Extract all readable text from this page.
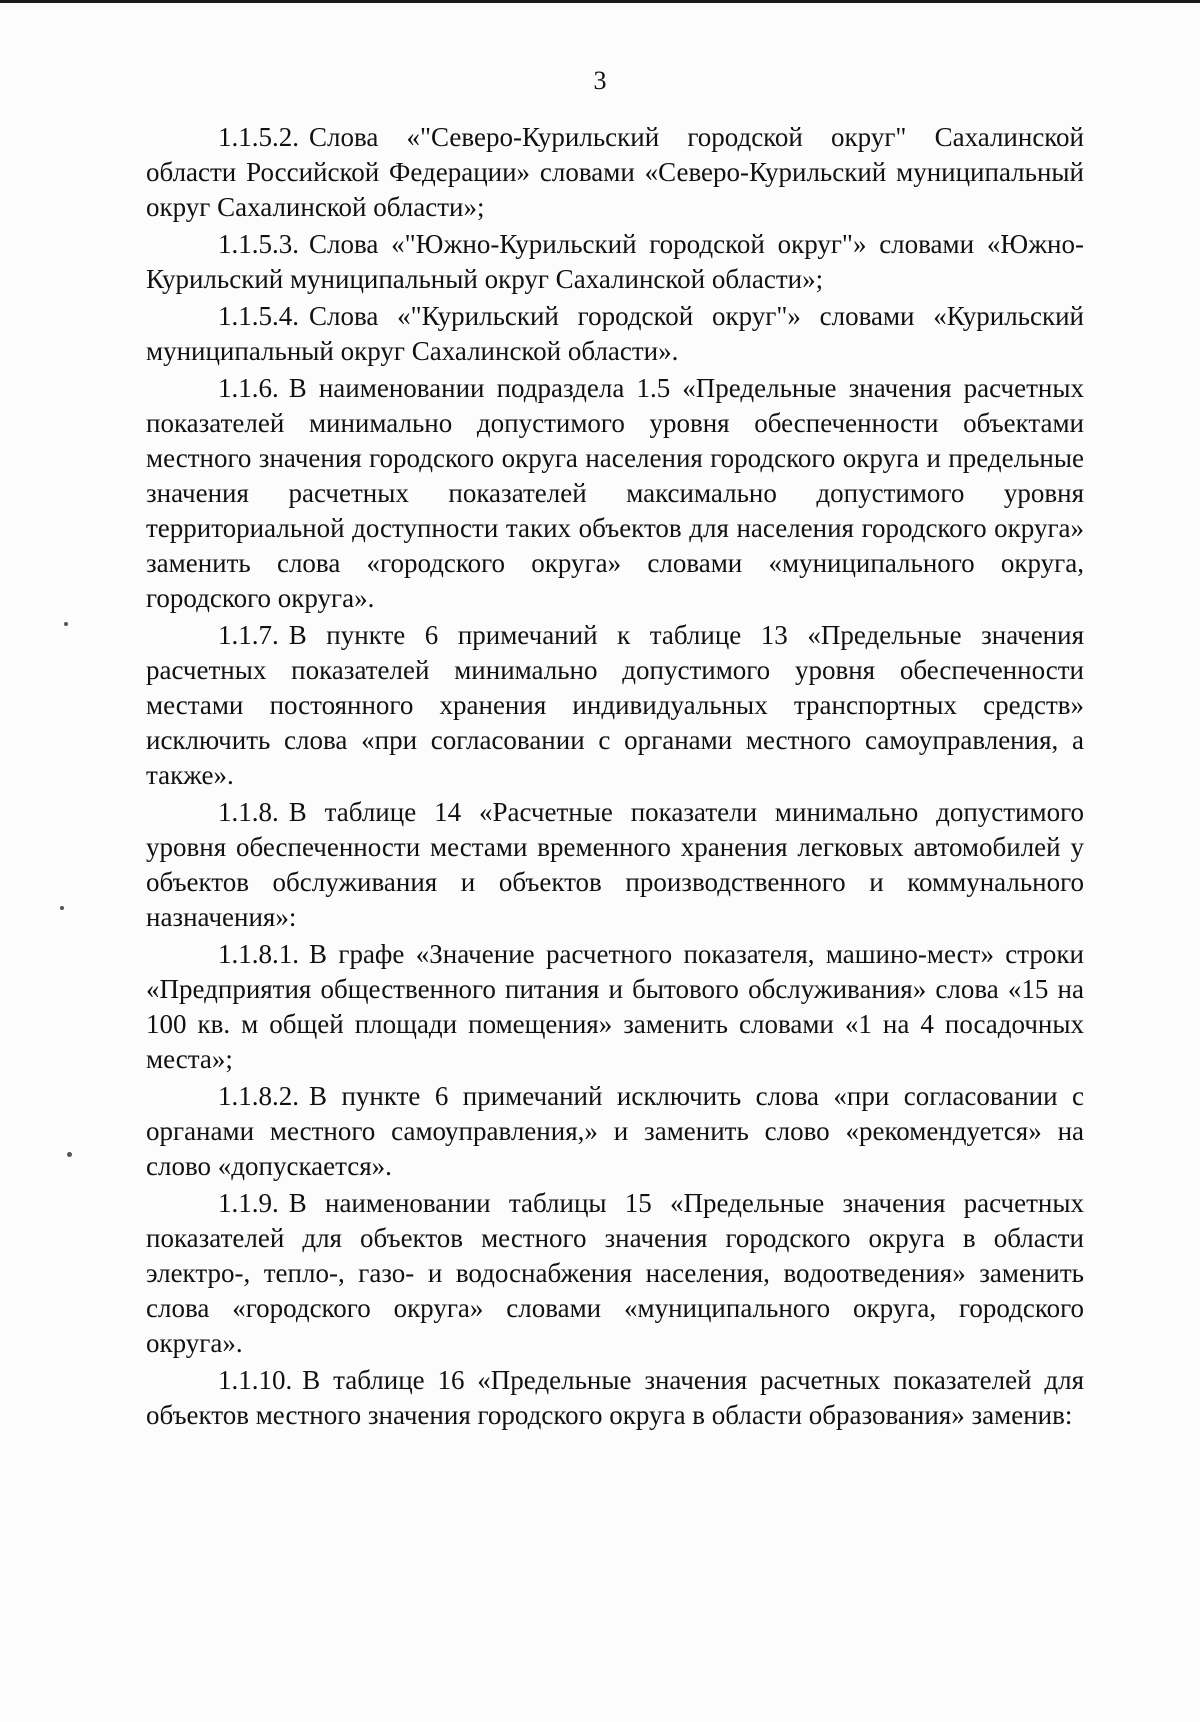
3

1.1.5.2. Слова «"Северо-Курильский городской округ" Сахалинской области Российской Федерации» словами «Северо-Курильский муниципальный округ Сахалинской области»;

1.1.5.3. Слова «"Южно-Курильский городской округ"» словами «Южно-Курильский муниципальный округ Сахалинской области»;

1.1.5.4. Слова «"Курильский городской округ"» словами «Курильский муниципальный округ Сахалинской области».

1.1.6. В наименовании подраздела 1.5 «Предельные значения расчетных показателей минимально допустимого уровня обеспеченности объектами местного значения городского округа населения городского округа и предельные значения расчетных показателей максимально допустимого уровня территориальной доступности таких объектов для населения городского округа» заменить слова «городского округа» словами «муниципального округа, городского округа».

1.1.7. В пункте 6 примечаний к таблице 13 «Предельные значения расчетных показателей минимально допустимого уровня обеспеченности местами постоянного хранения индивидуальных транспортных средств» исключить слова «при согласовании с органами местного самоуправления, а также».

1.1.8. В таблице 14 «Расчетные показатели минимально допустимого уровня обеспеченности местами временного хранения легковых автомобилей у объектов обслуживания и объектов производственного и коммунального назначения»:

1.1.8.1. В графе «Значение расчетного показателя, машино-мест» строки «Предприятия общественного питания и бытового обслуживания» слова «15 на 100 кв. м общей площади помещения» заменить словами «1 на 4 посадочных места»;

1.1.8.2. В пункте 6 примечаний исключить слова «при согласовании с органами местного самоуправления,» и заменить слово «рекомендуется» на слово «допускается».

1.1.9. В наименовании таблицы 15 «Предельные значения расчетных показателей для объектов местного значения городского округа в области электро-, тепло-, газо- и водоснабжения населения, водоотведения» заменить слова «городского округа» словами «муниципального округа, городского округа».

1.1.10. В таблице 16 «Предельные значения расчетных показателей для объектов местного значения городского округа в области образования» заменив:
